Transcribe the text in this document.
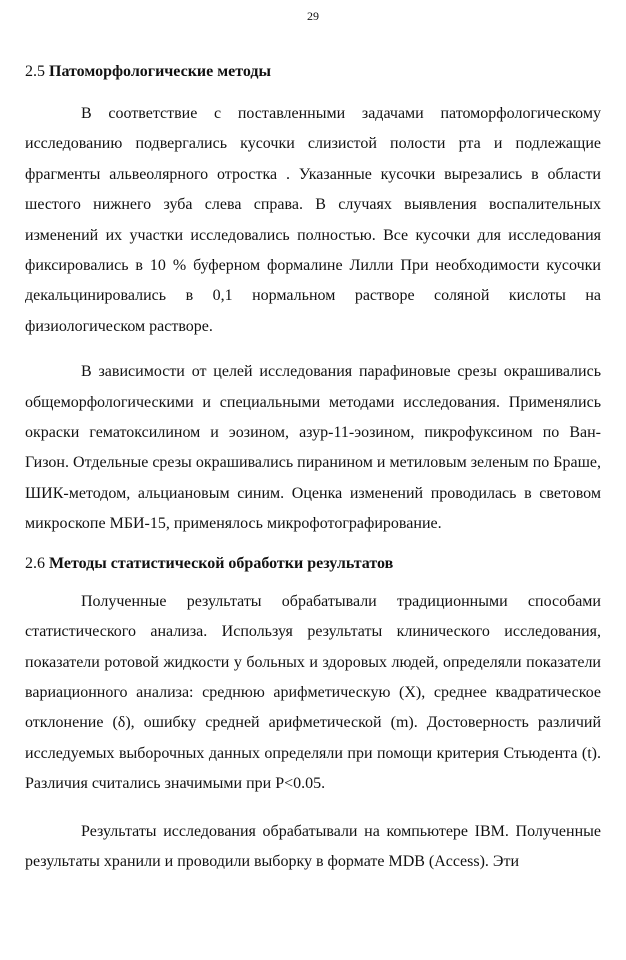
29

2.5 Патоморфологические методы

В соответствие с поставленными задачами патоморфологическому исследованию подвергались кусочки слизистой полости рта и подлежащие фрагменты альвеолярного отростка . Указанные кусочки вырезались в области шестого нижнего зуба слева справа. В случаях выявления воспалительных изменений их участки исследовались полностью. Все кусочки для исследования фиксировались в 10 % буферном формалине Лилли При необходимости кусочки декальцинировались в 0,1 нормальном растворе соляной кислоты на физиологическом растворе.

В зависимости от целей исследования парафиновые срезы окрашивались общеморфологическими и специальными методами исследования. Применялись окраски гематоксилином и эозином, азур-11-эозином, пикрофуксином по Ван-Гизон. Отдельные срезы окрашивались пиранином и метиловым зеленым по Браше, ШИК-методом, альциановым синим. Оценка изменений проводилась в световом микроскопе МБИ-15, применялось микрофотографирование.

2.6 Методы статистической обработки результатов

Полученные результаты обрабатывали традиционными способами статистического анализа. Используя результаты клинического исследования, показатели ротовой жидкости у больных и здоровых людей, определяли показатели вариационного анализа: среднюю арифметическую (X), среднее квадратическое отклонение (δ), ошибку средней арифметической (m). Достоверность различий исследуемых выборочных данных определяли при помощи критерия Стьюдента (t). Различия считались значимыми при P<0.05.

Результаты исследования обрабатывали на компьютере IBM. Полученные результаты хранили и проводили выборку в формате MDB (Access). Эти
